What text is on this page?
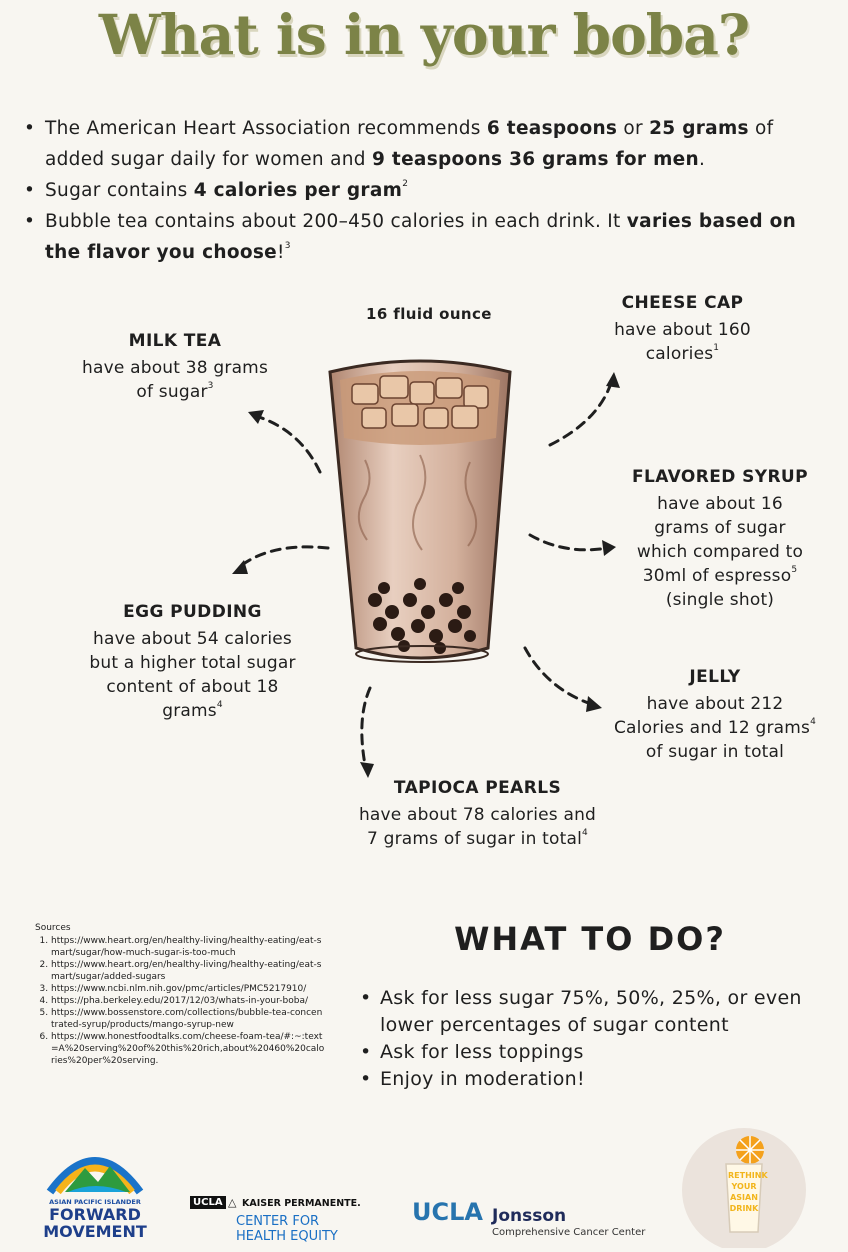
What is in your boba?
• The American Heart Association recommends 6 teaspoons or 25 grams of added sugar daily for women and 9 teaspoons 36 grams for men.
• Sugar contains 4 calories per gram$^2$
• Bubble tea contains about 200–450 calories in each drink. It varies based on the flavor you choose!$^3$
16 fluid ounce
MILK TEA
have about 38 grams
of sugar$^3$
CHEESE CAP
have about 160
calories$^1$
FLAVORED SYRUP
have about 16
grams of sugar
which compared to
30ml of espresso$^5$
(single shot)
EGG PUDDING
have about 54 calories
but a higher total sugar
content of about 18
grams$^4$
JELLY
have about 212
Calories and 12 grams$^4$
of sugar in total
TAPIOCA PEARLS
have about 78 calories and
7 grams of sugar in total$^4$
Sources
1. https://www.heart.org/en/healthy-living/healthy-eating/eat-smart/sugar/how-much-sugar-is-too-much
2. https://www.heart.org/en/healthy-living/healthy-eating/eat-smart/sugar/added-sugars
3. https://www.ncbi.nlm.nih.gov/pmc/articles/PMC5217910/
4. https://pha.berkeley.edu/2017/12/03/whats-in-your-boba/
5. https://www.bossenstore.com/collections/bubble-tea-concentrated-syrup/products/mango-syrup-new
6. https://www.honestfoodtalks.com/cheese-foam-tea/#:~:text=A%20serving%20of%20this%20rich,about%20460%20calories%20per%20serving.
WHAT TO DO?
• Ask for less sugar 75%, 50%, 25%, or even lower percentages of sugar content
• Ask for less toppings
• Enjoy in moderation!
ASIAN PACIFIC ISLANDER
FORWARD
MOVEMENT
UCLA △ KAISER PERMANENTE.
CENTER FOR
HEALTH EQUITY
UCLA Jonsson
Comprehensive Cancer Center
RETHINK
YOUR
ASIAN
DRINK
